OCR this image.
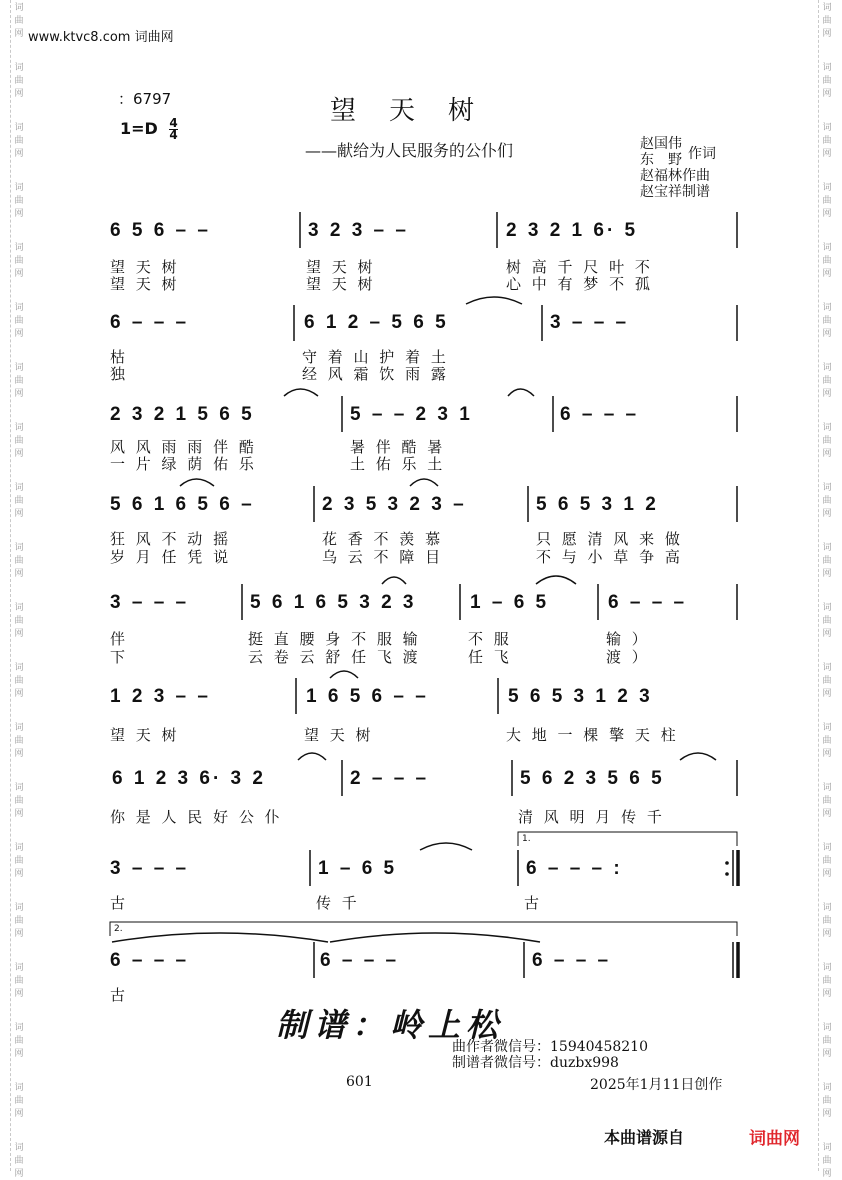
词
曲
网
词
曲
网
词
曲
网
词
曲
网
词
曲
网
词
曲
网
词
曲
网
词
曲
网
词
曲
网
词
曲
网
词
曲
网
词
曲
网
词
曲
网
词
曲
网
词
曲
网
词
曲
网
词
曲
网
词
曲
网
词
曲
网
词
曲
网
词
曲
网
词
曲
网
词
曲
网
词
曲
网
词
曲
网
词
曲
网
词
曲
网
词
曲
网
词
曲
网
词
曲
网
词
曲
网
词
曲
网
词
曲
网
词
曲
网
词
曲
网
词
曲
网
词
曲
网
词
曲
网
词
曲
网
词
曲
网
www.ktvc8.com 词曲网
：6797
$1=D \frac{4}{4}$
望天树
——献给为人民服务的公仆们	赵国伟
东　野 作词
赵福林作曲
赵宝祥制谱
6 5 6 – –	3 2 3 – –	2 3 2 1 6· 5
望 天 树	望 天 树	树 高 千 尺 叶 不
望 天 树	望 天 树	心 中 有 梦 不 孤
6 – – –	6 1 2 – 5 6 5	3 – – –
枯	守 着 山 护 着 土
独	经 风 霜 饮 雨 露
2 3 2 1 5 6 5	5 – – 2 3 1	6 – – –
风 风 雨 雨 伴 酷	暑 伴 酷 暑
一 片 绿 荫 佑 乐	土 佑 乐 土
5 6 1 6 5 6 –	2 3 5 3 2 3 –	5 6 5 3 1 2
狂 风 不 动 摇	花 香 不 羡 慕	只 愿 清 风 来 做
岁 月 任 凭 说	乌 云 不 障 目	不 与 小 草 争 高
3 – – –	5 6 1 6 5 3 2 3	1 – 6 5	6 – – –
伴	挺 直 腰 身 不 服 输	不 服	输 ）
下	云 卷 云 舒 任 飞 渡	任 飞	渡 ）
1 2 3 – –	1 6 5 6 – –	5 6 5 3 1 2 3
望 天 树	望 天 树	大 地 一 棵 擎 天 柱
6 1 2 3 6· 3 2	2 – – –	5 6 2 3 5 6 5
你 是 人 民 好 公 仆	清 风 明 月 传 千
1.
3 – – –	1 – 6 5	6 – – – :
古	传 千	古
2.
6 – – –	6 – – –	6 – – –
古
制谱：岭上松
曲作者微信号：15940458210
制谱者微信号：duzbx998
601	2025年1月11日创作
本曲谱源自	词曲网
